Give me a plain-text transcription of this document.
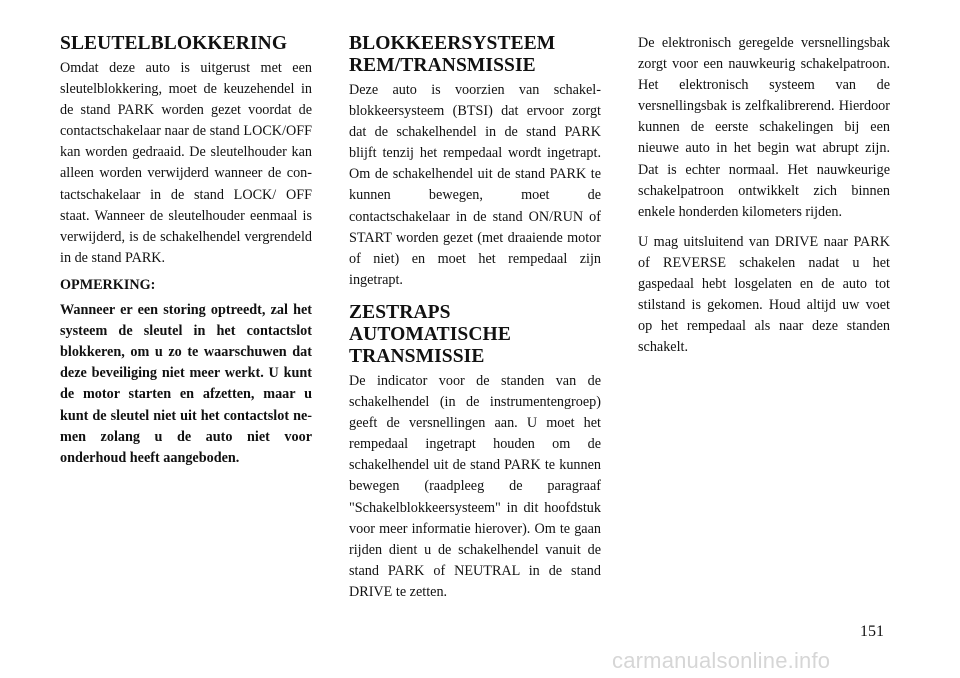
SLEUTELBLOKKERING

Omdat deze auto is uitgerust met een sleutelblokkering, moet de keuzehendel in de stand PARK worden gezet voordat de contactschakelaar naar de stand LOCK/OFF kan worden gedraaid. De sleutelhouder kan alleen worden verwijderd wanneer de contactschakelaar in de stand LOCK/ OFF staat. Wanneer de sleutelhouder eenmaal is verwijderd, is de schakelhendel vergrendeld in de stand PARK.

OPMERKING:

Wanneer er een storing optreedt, zal het systeem de sleutel in het contactslot blokkeren, om u zo te waarschuwen dat deze beveiliging niet meer werkt. U kunt de motor starten en afzetten, maar u kunt de sleutel niet uit het contactslot nemen zolang u de auto niet voor onderhoud heeft aangeboden.

BLOKKEERSYSTEEM REM/TRANSMISSIE

Deze auto is voorzien van schakelblokkeersysteem (BTSI) dat ervoor zorgt dat de schakelhendel in de stand PARK blijft tenzij het rempedaal wordt ingetrapt. Om de schakelhendel uit de stand PARK te kunnen bewegen, moet de contactschakelaar in de stand ON/RUN of START worden gezet (met draaiende motor of niet) en moet het rempedaal zijn ingetrapt.

ZESTRAPS AUTOMATISCHE TRANSMISSIE

De indicator voor de standen van de schakelhendel (in de instrumentengroep) geeft de versnellingen aan. U moet het rempedaal ingetrapt houden om de schakelhendel uit de stand PARK te kunnen bewegen (raadpleeg de paragraaf "Schakelblokkeersysteem" in dit hoofdstuk voor meer informatie hierover). Om te gaan rijden dient u de schakelhendel vanuit de stand PARK of NEUTRAL in de stand DRIVE te zetten.

De elektronisch geregelde versnellingsbak zorgt voor een nauwkeurig schakelpatroon. Het elektronisch systeem van de versnellingsbak is zelfkalibrerend. Hierdoor kunnen de eerste schakelingen bij een nieuwe auto in het begin wat abrupt zijn. Dat is echter normaal. Het nauwkeurige schakelpatroon ontwikkelt zich binnen enkele honderden kilometers rijden.

U mag uitsluitend van DRIVE naar PARK of REVERSE schakelen nadat u het gaspedaal hebt losgelaten en de auto tot stilstand is gekomen. Houd altijd uw voet op het rempedaal als naar deze standen schakelt.

151
carmanualsonline.info
